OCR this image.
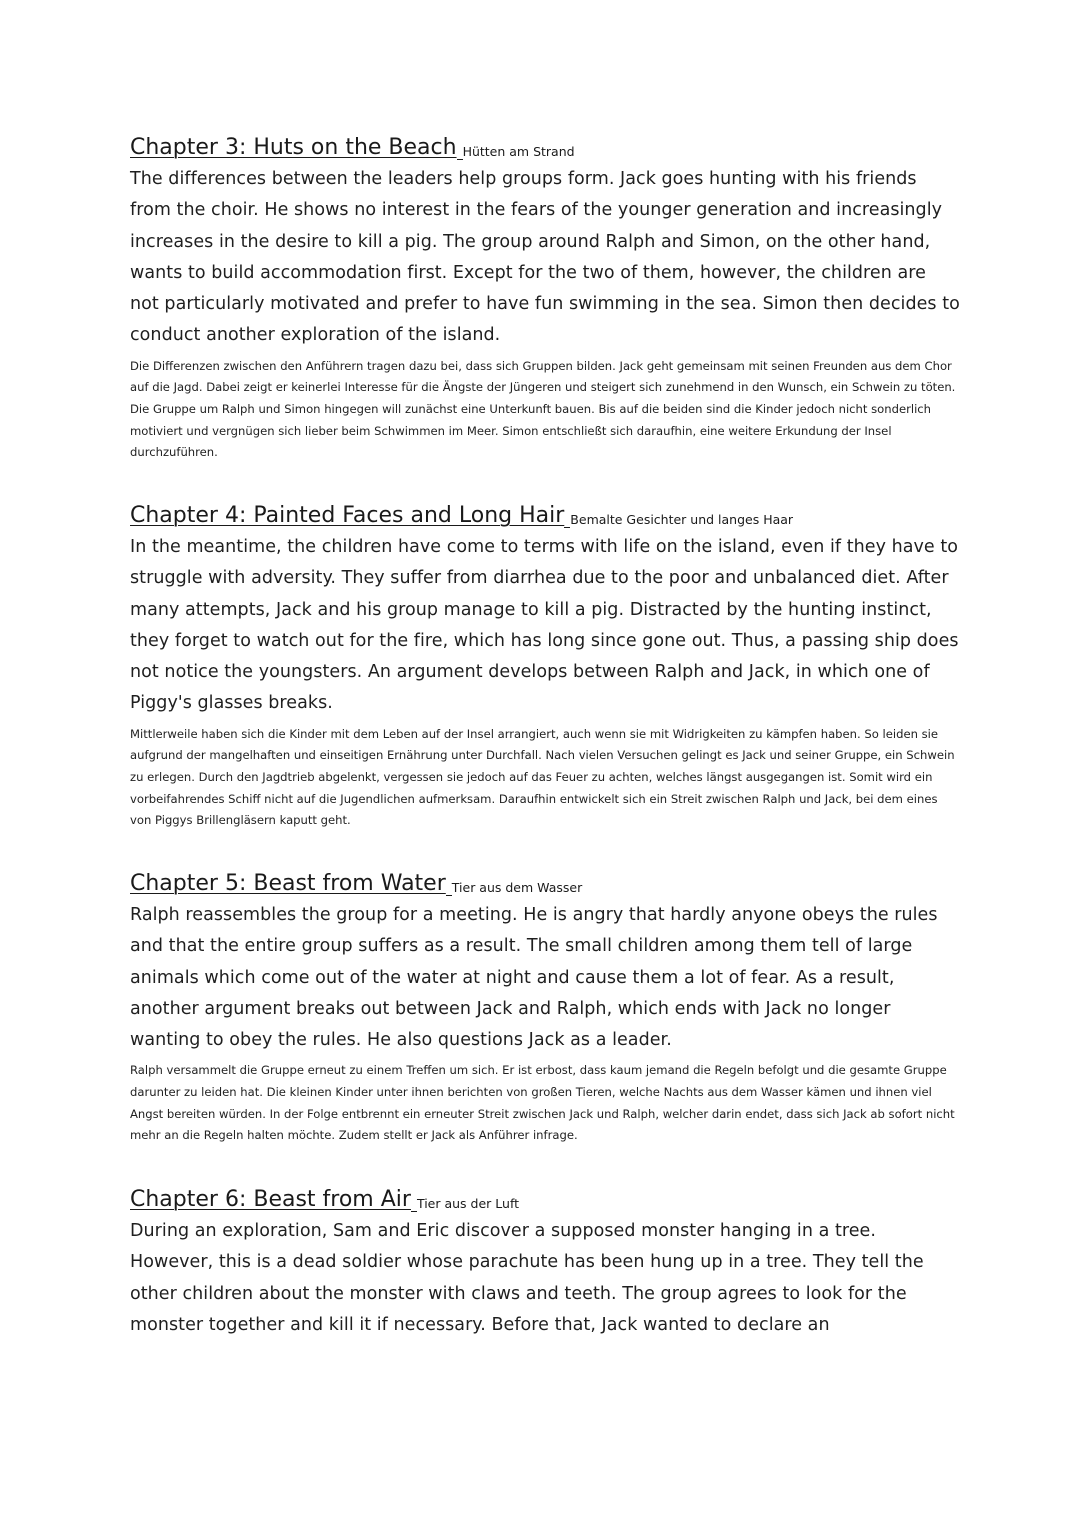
Chapter 3: Huts on the Beach Hütten am Strand

The differences between the leaders help groups form. Jack goes hunting with his friends from the choir. He shows no interest in the fears of the younger generation and increasingly increases in the desire to kill a pig. The group around Ralph and Simon, on the other hand, wants to build accommodation first. Except for the two of them, however, the children are not particularly motivated and prefer to have fun swimming in the sea. Simon then decides to conduct another exploration of the island.

Die Differenzen zwischen den Anführern tragen dazu bei, dass sich Gruppen bilden. Jack geht gemeinsam mit seinen Freunden aus dem Chor auf die Jagd. Dabei zeigt er keinerlei Interesse für die Ängste der Jüngeren und steigert sich zunehmend in den Wunsch, ein Schwein zu töten. Die Gruppe um Ralph und Simon hingegen will zunächst eine Unterkunft bauen. Bis auf die beiden sind die Kinder jedoch nicht sonderlich motiviert und vergnügen sich lieber beim Schwimmen im Meer. Simon entschließt sich daraufhin, eine weitere Erkundung der Insel durchzuführen.

Chapter 4: Painted Faces and Long Hair Bemalte Gesichter und langes Haar

In the meantime, the children have come to terms with life on the island, even if they have to struggle with adversity. They suffer from diarrhea due to the poor and unbalanced diet. After many attempts, Jack and his group manage to kill a pig. Distracted by the hunting instinct, they forget to watch out for the fire, which has long since gone out. Thus, a passing ship does not notice the youngsters. An argument develops between Ralph and Jack, in which one of Piggy's glasses breaks.

Mittlerweile haben sich die Kinder mit dem Leben auf der Insel arrangiert, auch wenn sie mit Widrigkeiten zu kämpfen haben. So leiden sie aufgrund der mangelhaften und einseitigen Ernährung unter Durchfall. Nach vielen Versuchen gelingt es Jack und seiner Gruppe, ein Schwein zu erlegen. Durch den Jagdtrieb abgelenkt, vergessen sie jedoch auf das Feuer zu achten, welches längst ausgegangen ist. Somit wird ein vorbeifahrendes Schiff nicht auf die Jugendlichen aufmerksam. Daraufhin entwickelt sich ein Streit zwischen Ralph und Jack, bei dem eines von Piggys Brillengläsern kaputt geht.

Chapter 5: Beast from Water Tier aus dem Wasser

Ralph reassembles the group for a meeting. He is angry that hardly anyone obeys the rules and that the entire group suffers as a result. The small children among them tell of large animals which come out of the water at night and cause them a lot of fear. As a result, another argument breaks out between Jack and Ralph, which ends with Jack no longer wanting to obey the rules. He also questions Jack as a leader.

Ralph versammelt die Gruppe erneut zu einem Treffen um sich. Er ist erbost, dass kaum jemand die Regeln befolgt und die gesamte Gruppe darunter zu leiden hat. Die kleinen Kinder unter ihnen berichten von großen Tieren, welche Nachts aus dem Wasser kämen und ihnen viel Angst bereiten würden. In der Folge entbrennt ein erneuter Streit zwischen Jack und Ralph, welcher darin endet, dass sich Jack ab sofort nicht mehr an die Regeln halten möchte. Zudem stellt er Jack als Anführer infrage.

Chapter 6: Beast from Air Tier aus der Luft

During an exploration, Sam and Eric discover a supposed monster hanging in a tree. However, this is a dead soldier whose parachute has been hung up in a tree. They tell the other children about the monster with claws and teeth. The group agrees to look for the monster together and kill it if necessary. Before that, Jack wanted to declare an
